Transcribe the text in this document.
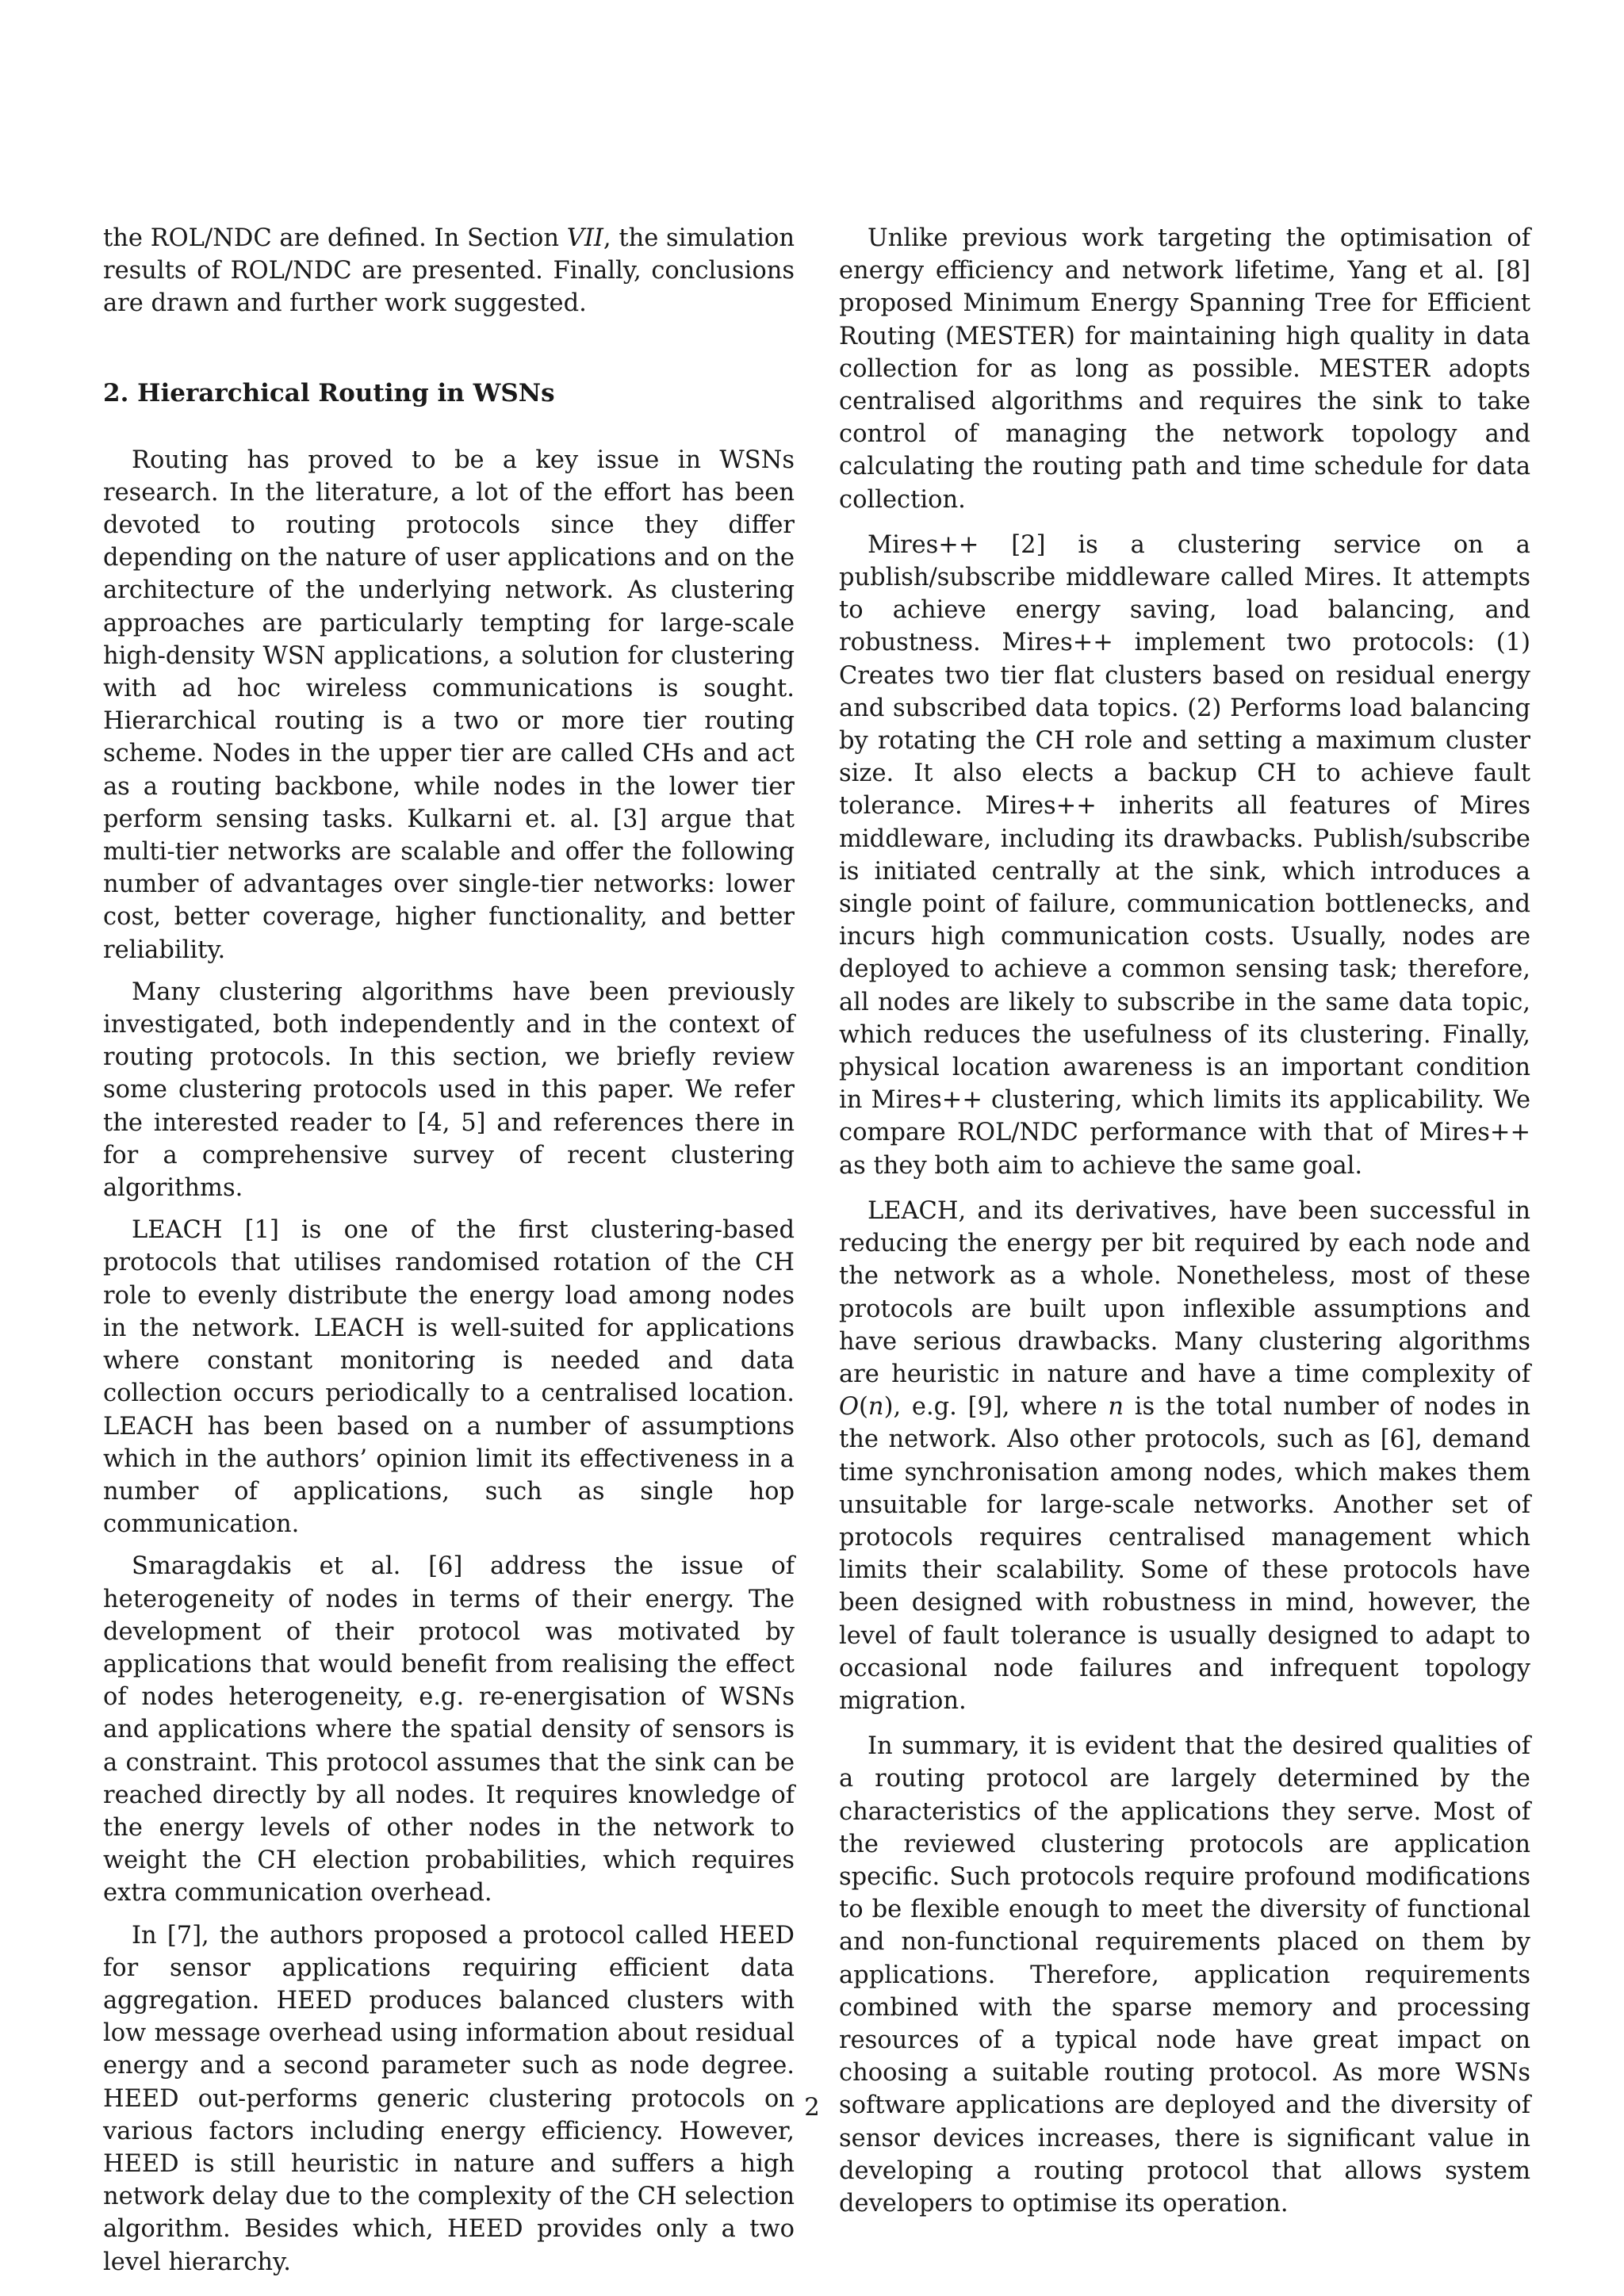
the ROL/NDC are defined. In Section VII, the simulation results of ROL/NDC are presented. Finally, conclusions are drawn and further work suggested.

2. Hierarchical Routing in WSNs

Routing has proved to be a key issue in WSNs research. In the literature, a lot of the effort has been devoted to routing protocols since they differ depending on the nature of user applications and on the architecture of the underlying network. As clustering approaches are particularly tempting for large-scale high-density WSN applications, a solution for clustering with ad hoc wireless communications is sought. Hierarchical routing is a two or more tier routing scheme. Nodes in the upper tier are called CHs and act as a routing backbone, while nodes in the lower tier perform sensing tasks. Kulkarni et. al. [3] argue that multi-tier networks are scalable and offer the following number of advantages over single-tier networks: lower cost, better coverage, higher functionality, and better reliability.

Many clustering algorithms have been previously investigated, both independently and in the context of routing protocols. In this section, we briefly review some clustering protocols used in this paper. We refer the interested reader to [4, 5] and references there in for a comprehensive survey of recent clustering algorithms.

LEACH [1] is one of the first clustering-based protocols that utilises randomised rotation of the CH role to evenly distribute the energy load among nodes in the network. LEACH is well-suited for applications where constant monitoring is needed and data collection occurs periodically to a centralised location. LEACH has been based on a number of assumptions which in the authors’ opinion limit its effectiveness in a number of applications, such as single hop communication.

Smaragdakis et al. [6] address the issue of heterogeneity of nodes in terms of their energy. The development of their protocol was motivated by applications that would benefit from realising the effect of nodes heterogeneity, e.g. re-energisation of WSNs and applications where the spatial density of sensors is a constraint. This protocol assumes that the sink can be reached directly by all nodes. It requires knowledge of the energy levels of other nodes in the network to weight the CH election probabilities, which requires extra communication overhead.

In [7], the authors proposed a protocol called HEED for sensor applications requiring efficient data aggregation. HEED produces balanced clusters with low message overhead using information about residual energy and a second parameter such as node degree. HEED out-performs generic clustering protocols on various factors including energy efficiency. However, HEED is still heuristic in nature and suffers a high network delay due to the complexity of the CH selection algorithm. Besides which, HEED provides only a two level hierarchy.

Unlike previous work targeting the optimisation of energy efficiency and network lifetime, Yang et al. [8] proposed Minimum Energy Spanning Tree for Efficient Routing (MESTER) for maintaining high quality in data collection for as long as possible. MESTER adopts centralised algorithms and requires the sink to take control of managing the network topology and calculating the routing path and time schedule for data collection.

Mires++ [2] is a clustering service on a publish/subscribe middleware called Mires. It attempts to achieve energy saving, load balancing, and robustness. Mires++ implement two protocols: (1) Creates two tier flat clusters based on residual energy and subscribed data topics. (2) Performs load balancing by rotating the CH role and setting a maximum cluster size. It also elects a backup CH to achieve fault tolerance. Mires++ inherits all features of Mires middleware, including its drawbacks. Publish/subscribe is initiated centrally at the sink, which introduces a single point of failure, communication bottlenecks, and incurs high communication costs. Usually, nodes are deployed to achieve a common sensing task; therefore, all nodes are likely to subscribe in the same data topic, which reduces the usefulness of its clustering. Finally, physical location awareness is an important condition in Mires++ clustering, which limits its applicability. We compare ROL/NDC performance with that of Mires++ as they both aim to achieve the same goal.

LEACH, and its derivatives, have been successful in reducing the energy per bit required by each node and the network as a whole. Nonetheless, most of these protocols are built upon inflexible assumptions and have serious drawbacks. Many clustering algorithms are heuristic in nature and have a time complexity of O(n), e.g. [9], where n is the total number of nodes in the network. Also other protocols, such as [6], demand time synchronisation among nodes, which makes them unsuitable for large-scale networks. Another set of protocols requires centralised management which limits their scalability. Some of these protocols have been designed with robustness in mind, however, the level of fault tolerance is usually designed to adapt to occasional node failures and infrequent topology migration.

In summary, it is evident that the desired qualities of a routing protocol are largely determined by the characteristics of the applications they serve. Most of the reviewed clustering protocols are application specific. Such protocols require profound modifications to be flexible enough to meet the diversity of functional and non-functional requirements placed on them by applications. Therefore, application requirements combined with the sparse memory and processing resources of a typical node have great impact on choosing a suitable routing protocol. As more WSNs software applications are deployed and the diversity of sensor devices increases, there is significant value in developing a routing protocol that allows system developers to optimise its operation.

2
